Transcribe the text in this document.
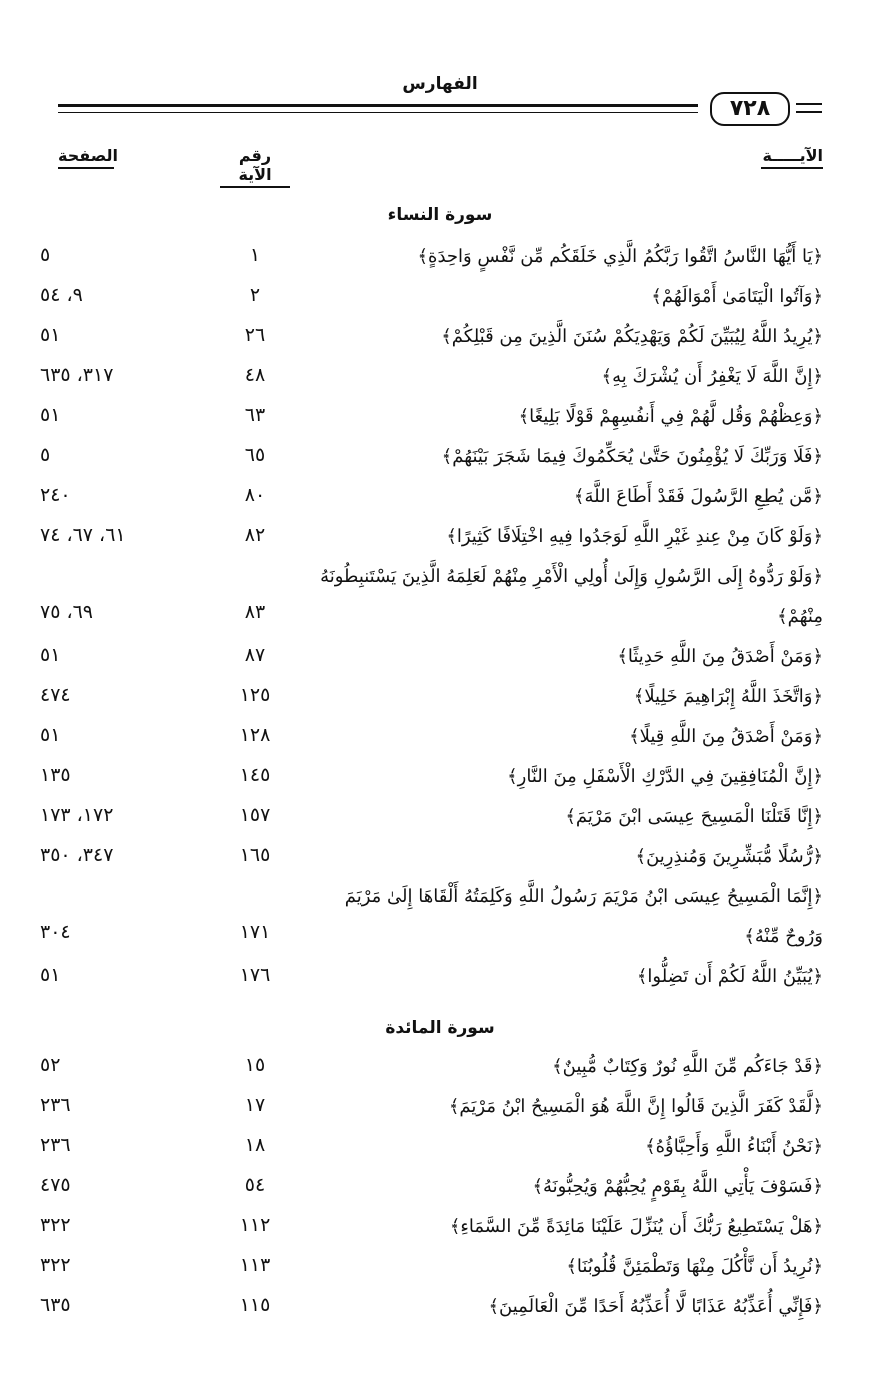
الفهارس
٧٢٨
الآيـــــة
رقم الآية
الصفحة
سورة النساء
﴿يَا أَيُّهَا النَّاسُ اتَّقُوا رَبَّكُمُ الَّذِي خَلَقَكُم مِّن نَّفْسٍ وَاحِدَةٍ﴾
١
٥
﴿وَآتُوا الْيَتَامَىٰ أَمْوَالَهُمْ﴾
٢
٩، ٥٤
﴿يُرِيدُ اللَّهُ لِيُبَيِّنَ لَكُمْ وَيَهْدِيَكُمْ سُنَنَ الَّذِينَ مِن قَبْلِكُمْ﴾
٢٦
٥١
﴿إِنَّ اللَّهَ لَا يَغْفِرُ أَن يُشْرَكَ بِهِ﴾
٤٨
٣١٧، ٦٣٥
﴿وَعِظْهُمْ وَقُل لَّهُمْ فِي أَنفُسِهِمْ قَوْلًا بَلِيغًا﴾
٦٣
٥١
﴿فَلَا وَرَبِّكَ لَا يُؤْمِنُونَ حَتَّىٰ يُحَكِّمُوكَ فِيمَا شَجَرَ بَيْنَهُمْ﴾
٦٥
٥
﴿مَّن يُطِعِ الرَّسُولَ فَقَدْ أَطَاعَ اللَّهَ﴾
٨٠
٢٤٠
﴿وَلَوْ كَانَ مِنْ عِندِ غَيْرِ اللَّهِ لَوَجَدُوا فِيهِ اخْتِلَافًا كَثِيرًا﴾
٨٢
٦١، ٦٧، ٧٤
﴿وَلَوْ رَدُّوهُ إِلَى الرَّسُولِ وَإِلَىٰ أُولِي الْأَمْرِ مِنْهُمْ لَعَلِمَهُ الَّذِينَ يَسْتَنبِطُونَهُ مِنْهُمْ﴾
٨٣
٦٩، ٧٥
﴿وَمَنْ أَصْدَقُ مِنَ اللَّهِ حَدِيثًا﴾
٨٧
٥١
﴿وَاتَّخَذَ اللَّهُ إِبْرَاهِيمَ خَلِيلًا﴾
١٢٥
٤٧٤
﴿وَمَنْ أَصْدَقُ مِنَ اللَّهِ قِيلًا﴾
١٢٨
٥١
﴿إِنَّ الْمُنَافِقِينَ فِي الدَّرْكِ الْأَسْفَلِ مِنَ النَّارِ﴾
١٤٥
١٣٥
﴿إِنَّا قَتَلْنَا الْمَسِيحَ عِيسَى ابْنَ مَرْيَمَ﴾
١٥٧
١٧٢، ١٧٣
﴿رُّسُلًا مُّبَشِّرِينَ وَمُنذِرِينَ﴾
١٦٥
٣٤٧، ٣٥٠
﴿إِنَّمَا الْمَسِيحُ عِيسَى ابْنُ مَرْيَمَ رَسُولُ اللَّهِ وَكَلِمَتُهُ أَلْقَاهَا إِلَىٰ مَرْيَمَ وَرُوحٌ مِّنْهُ﴾
١٧١
٣٠٤
﴿يُبَيِّنُ اللَّهُ لَكُمْ أَن تَضِلُّوا﴾
١٧٦
٥١
سورة المائدة
﴿قَدْ جَاءَكُم مِّنَ اللَّهِ نُورٌ وَكِتَابٌ مُّبِينٌ﴾
١٥
٥٢
﴿لَّقَدْ كَفَرَ الَّذِينَ قَالُوا إِنَّ اللَّهَ هُوَ الْمَسِيحُ ابْنُ مَرْيَمَ﴾
١٧
٢٣٦
﴿نَحْنُ أَبْنَاءُ اللَّهِ وَأَحِبَّاؤُهُ﴾
١٨
٢٣٦
﴿فَسَوْفَ يَأْتِي اللَّهُ بِقَوْمٍ يُحِبُّهُمْ وَيُحِبُّونَهُ﴾
٥٤
٤٧٥
﴿هَلْ يَسْتَطِيعُ رَبُّكَ أَن يُنَزِّلَ عَلَيْنَا مَائِدَةً مِّنَ السَّمَاءِ﴾
١١٢
٣٢٢
﴿نُرِيدُ أَن نَّأْكُلَ مِنْهَا وَتَطْمَئِنَّ قُلُوبُنَا﴾
١١٣
٣٢٢
﴿فَإِنِّي أُعَذِّبُهُ عَذَابًا لَّا أُعَذِّبُهُ أَحَدًا مِّنَ الْعَالَمِينَ﴾
١١٥
٦٣٥
